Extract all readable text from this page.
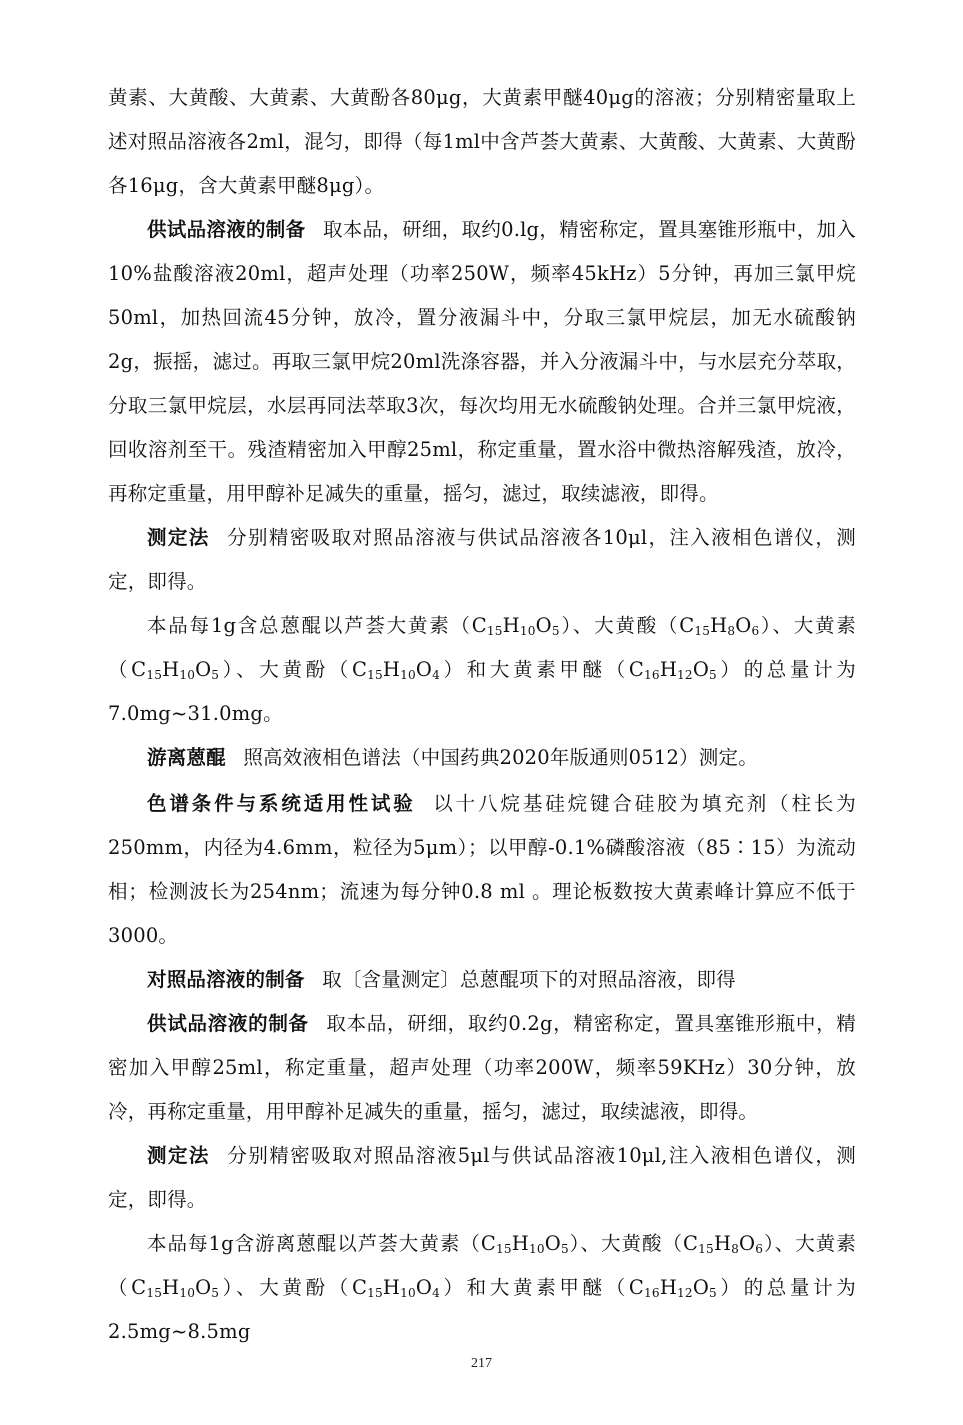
黄素、大黄酸、大黄素、大黄酚各80μg，大黄素甲醚40μg的溶液；分别精密量取上述对照品溶液各2ml，混匀，即得（每1ml中含芦荟大黄素、大黄酸、大黄素、大黄酚各16μg，含大黄素甲醚8μg）。

供试品溶液的制备 取本品，研细，取约0.lg，精密称定，置具塞锥形瓶中，加入10%盐酸溶液20ml，超声处理（功率250W，频率45kHz）5分钟，再加三氯甲烷50ml，加热回流45分钟，放冷，置分液漏斗中，分取三氯甲烷层，加无水硫酸钠2g，振摇，滤过。再取三氯甲烷20ml洗涤容器，并入分液漏斗中，与水层充分萃取，分取三氯甲烷层，水层再同法萃取3次，每次均用无水硫酸钠处理。合并三氯甲烷液，回收溶剂至干。残渣精密加入甲醇25ml，称定重量，置水浴中微热溶解残渣，放冷，再称定重量，用甲醇补足减失的重量，摇匀，滤过，取续滤液，即得。

测定法 分别精密吸取对照品溶液与供试品溶液各10μl，注入液相色谱仪，测定，即得。

本品每1g含总蒽醌以芦荟大黄素$(C_{15}H_{10}O_5)$、大黄酸$(C_{15}H_8O_6)$、大黄素$(C_{15}H_{10}O_5)$、大黄酚$(C_{15}H_{10}O_4)$和大黄素甲醚$(C_{16}H_{12}O_5)$的总量计为7.0mg~31.0mg。

游离蒽醌 照高效液相色谱法（中国药典2020年版通则0512）测定。

色谱条件与系统适用性试验 以十八烷基硅烷键合硅胶为填充剂（柱长为250mm，内径为4.6mm，粒径为5μm）；以甲醇-0.1%磷酸溶液（85∶15）为流动相；检测波长为254nm；流速为每分钟0.8 ml 。理论板数按大黄素峰计算应不低于3000。

对照品溶液的制备 取〔含量测定〕总蒽醌项下的对照品溶液，即得

供试品溶液的制备 取本品，研细，取约0.2g，精密称定，置具塞锥形瓶中，精密加入甲醇25ml，称定重量，超声处理（功率200W，频率59KHz）30分钟，放冷，再称定重量，用甲醇补足减失的重量，摇匀，滤过，取续滤液，即得。

测定法 分别精密吸取对照品溶液5μl与供试品溶液10μl,注入液相色谱仪，测定，即得。

本品每1g含游离蒽醌以芦荟大黄素$(C_{15}H_{10}O_5)$、大黄酸$(C_{15}H_8O_6)$、大黄素$(C_{15}H_{10}O_5)$、大黄酚$(C_{15}H_{10}O_4)$和大黄素甲醚$(C_{16}H_{12}O_5)$的总量计为2.5mg~8.5mg

217
